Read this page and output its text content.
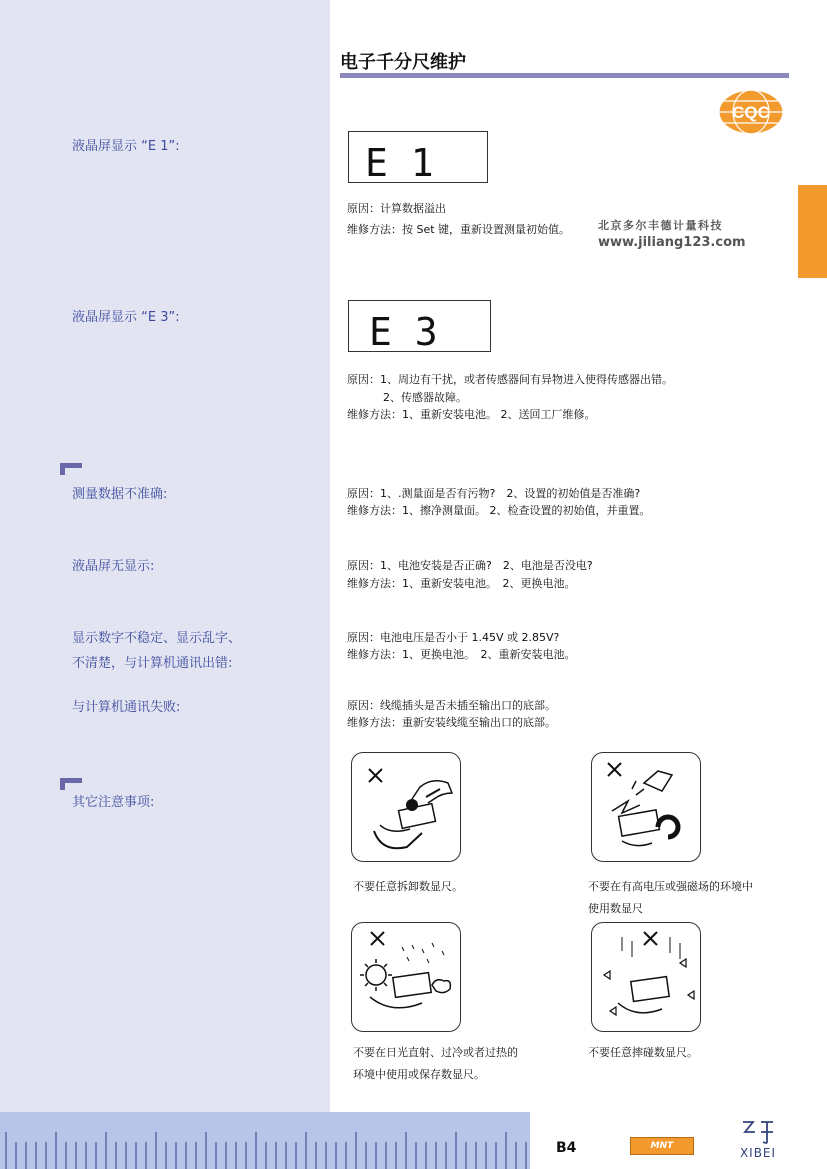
电子千分尺维护
CQC
液晶屏显示 “E 1”:	E 1
原因：计算数据溢出
维修方法：按 Set 键，重新设置测量初始值。	北京多尔丰德计量科技
www.jiliang123.com
液晶屏显示 “E 3”:	E 3
原因：1、周边有干扰，或者传感器间有异物进入使得传感器出错。
2、传感器故障。
维修方法：1、重新安装电池。 2、送回工厂维修。
测量数据不准确:	原因：1、.测量面是否有污物?　2、设置的初始值是否准确?
维修方法：1、擦净测量面。 2、检查设置的初始值，并重置。
液晶屏无显示:	原因：1、电池安装是否正确?　2、电池是否没电?
维修方法：1、重新安装电池。　2、更换电池。
显示数字不稳定、显示乱字、
不清楚，与计算机通讯出错:
原因：电池电压是否小于 1.45V 或 2.85V?
维修方法：1、更换电池。　2、重新安装电池。
与计算机通讯失败:	原因：线缆插头是否未插至输出口的底部。
维修方法：重新安装线缆至输出口的底部。
其它注意事项:
不要任意拆卸数显尺。	不要在有高电压或强磁场的环境中
使用数显尺
不要在日光直射、过冷或者过热的
环境中使用或保存数显尺。
不要任意摔碰数显尺。
B4	MNT	XIBEI
